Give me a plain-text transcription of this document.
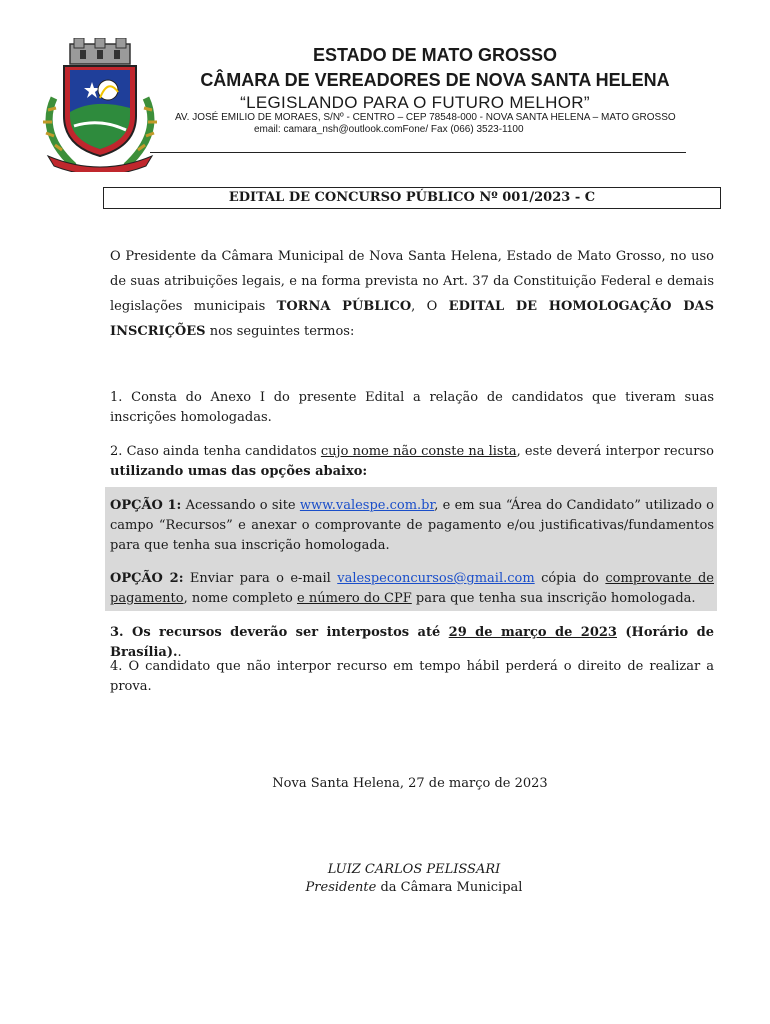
ESTADO DE MATO GROSSO
CÂMARA DE VEREADORES DE NOVA SANTA HELENA
“LEGISLANDO PARA O FUTURO MELHOR”
AV. JOSÉ EMILIO DE MORAES, S/Nº - CENTRO – CEP 78548-000 - NOVA SANTA HELENA – MATO GROSSO
email: camara_nsh@outlook.comFone/ Fax (066) 3523-1100
EDITAL DE CONCURSO PÚBLICO Nº 001/2023 - C
O Presidente da Câmara Municipal de Nova Santa Helena, Estado de Mato Grosso, no uso de suas atribuições legais, e na forma prevista no Art. 37 da Constituição Federal e demais legislações municipais TORNA PÚBLICO, O EDITAL DE HOMOLOGAÇÃO DAS INSCRIÇÕES nos seguintes termos:
1. Consta do Anexo I do presente Edital a relação de candidatos que tiveram suas inscrições homologadas.
2. Caso ainda tenha candidatos cujo nome não conste na lista, este deverá interpor recurso utilizando umas das opções abaixo:
OPÇÃO 1: Acessando o site www.valespe.com.br, e em sua “Área do Candidato” utilizado o campo “Recursos” e anexar o comprovante de pagamento e/ou justificativas/fundamentos para que tenha sua inscrição homologada.
OPÇÃO 2: Enviar para o e-mail valespeconcursos@gmail.com cópia do comprovante de pagamento, nome completo e número do CPF para que tenha sua inscrição homologada.
3. Os recursos deverão ser interpostos até 29 de março de 2023 (Horário de Brasília)..
4. O candidato que não interpor recurso em tempo hábil perderá o direito de realizar a prova.
Nova Santa Helena, 27 de março de 2023
LUIZ CARLOS PELISSARI
Presidente da Câmara Municipal
